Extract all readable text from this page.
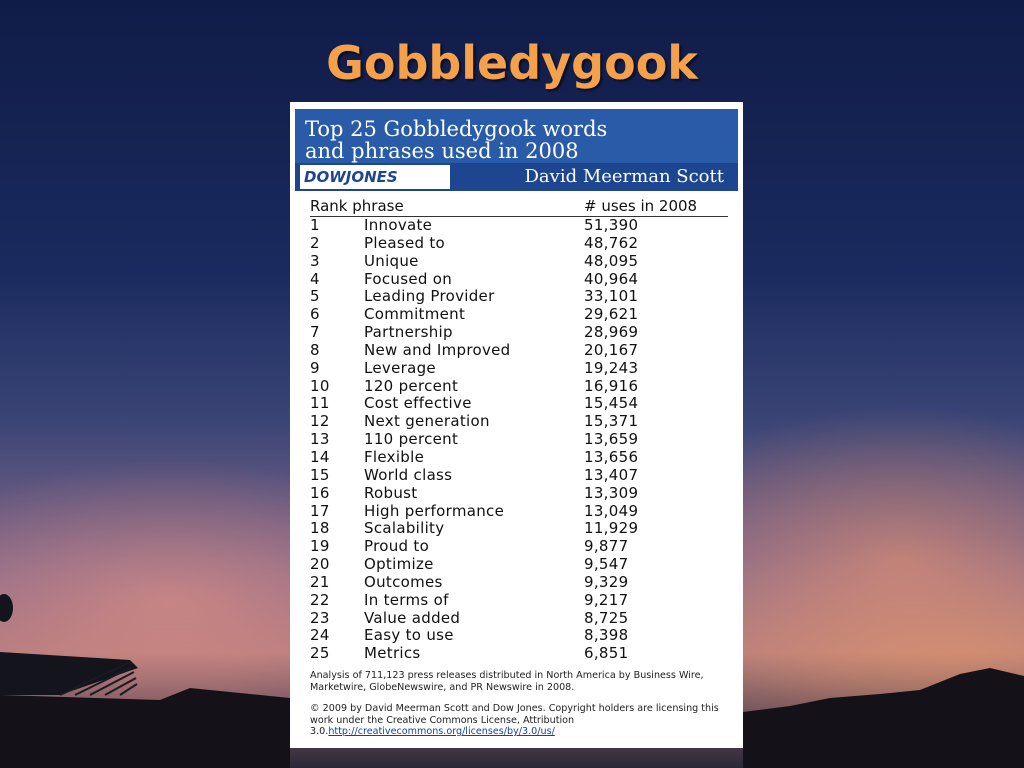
Gobbledygook
Top 25 Gobbledygook words
and phrases used in 2008
DOWJONES	David Meerman Scott
Rank phrase	# uses in 2008
1	Innovate	51,390
2	Pleased to	48,762
3	Unique	48,095
4	Focused on	40,964
5	Leading Provider	33,101
6	Commitment	29,621
7	Partnership	28,969
8	New and Improved	20,167
9	Leverage	19,243
10	120 percent	16,916
11	Cost effective	15,454
12	Next generation	15,371
13	110 percent	13,659
14	Flexible	13,656
15	World class	13,407
16	Robust	13,309
17	High performance	13,049
18	Scalability	11,929
19	Proud to	9,877
20	Optimize	9,547
21	Outcomes	9,329
22	In terms of	9,217
23	Value added	8,725
24	Easy to use	8,398
25	Metrics	6,851
Analysis of 711,123 press releases distributed in North America by Business Wire, Marketwire, GlobeNewswire, and PR Newswire in 2008.
© 2009 by David Meerman Scott and Dow Jones. Copyright holders are licensing this work under the Creative Commons License, Attribution 3.0.http://creativecommons.org/licenses/by/3.0/us/
